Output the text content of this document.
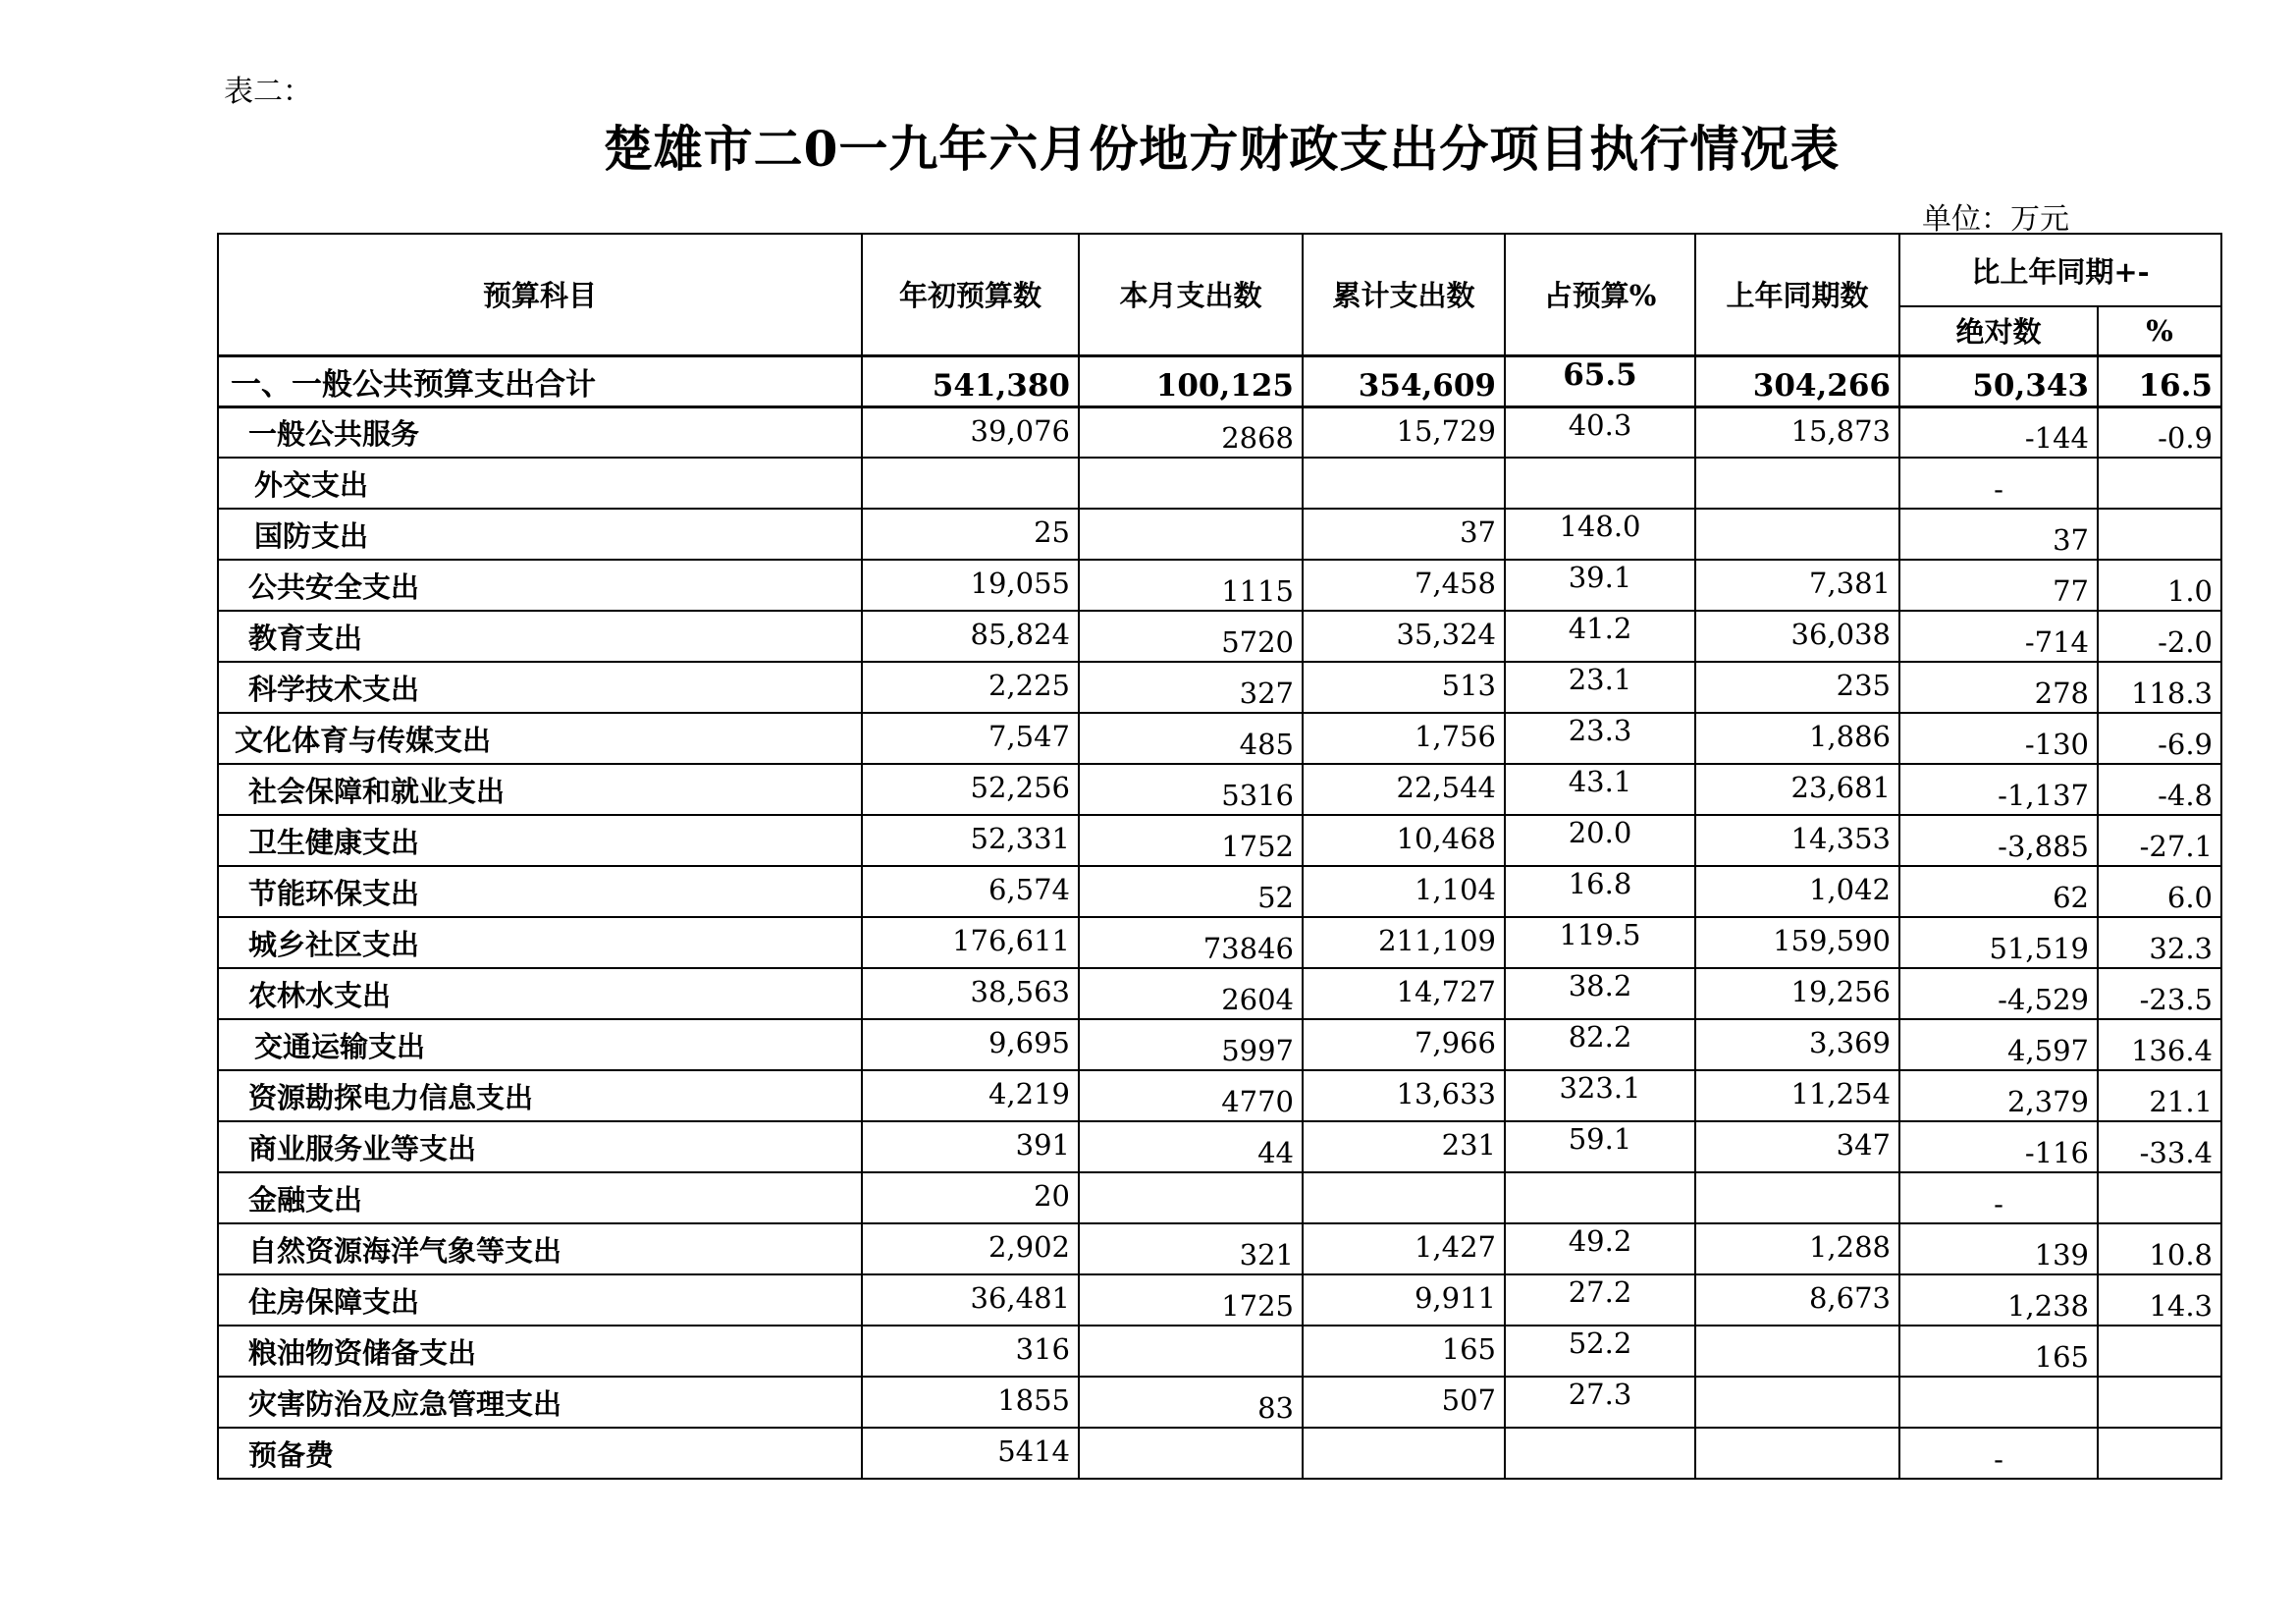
表二：
楚雄市二0一九年六月份地方财政支出分项目执行情况表
单位：万元
预算科目	年初预算数	本月支出数	累计支出数	占预算%	上年同期数	比上年同期+-	
						绝对数	%
一、一般公共预算支出合计	541,380	100,125	354,609	65.5	304,266	50,343	16.5
一般公共服务	39,076	2868	15,729	40.3	15,873	-144	-0.9
外交支出						-	
国防支出	25		37	148.0		37	
公共安全支出	19,055	1115	7,458	39.1	7,381	77	1.0
教育支出	85,824	5720	35,324	41.2	36,038	-714	-2.0
科学技术支出	2,225	327	513	23.1	235	278	118.3
文化体育与传媒支出	7,547	485	1,756	23.3	1,886	-130	-6.9
社会保障和就业支出	52,256	5316	22,544	43.1	23,681	-1,137	-4.8
卫生健康支出	52,331	1752	10,468	20.0	14,353	-3,885	-27.1
节能环保支出	6,574	52	1,104	16.8	1,042	62	6.0
城乡社区支出	176,611	73846	211,109	119.5	159,590	51,519	32.3
农林水支出	38,563	2604	14,727	38.2	19,256	-4,529	-23.5
交通运输支出	9,695	5997	7,966	82.2	3,369	4,597	136.4
资源勘探电力信息支出	4,219	4770	13,633	323.1	11,254	2,379	21.1
商业服务业等支出	391	44	231	59.1	347	-116	-33.4
金融支出	20					-	
自然资源海洋气象等支出	2,902	321	1,427	49.2	1,288	139	10.8
住房保障支出	36,481	1725	9,911	27.2	8,673	1,238	14.3
粮油物资储备支出	316		165	52.2		165	
灾害防治及应急管理支出	1855	83	507	27.3			
预备费	5414					-	
